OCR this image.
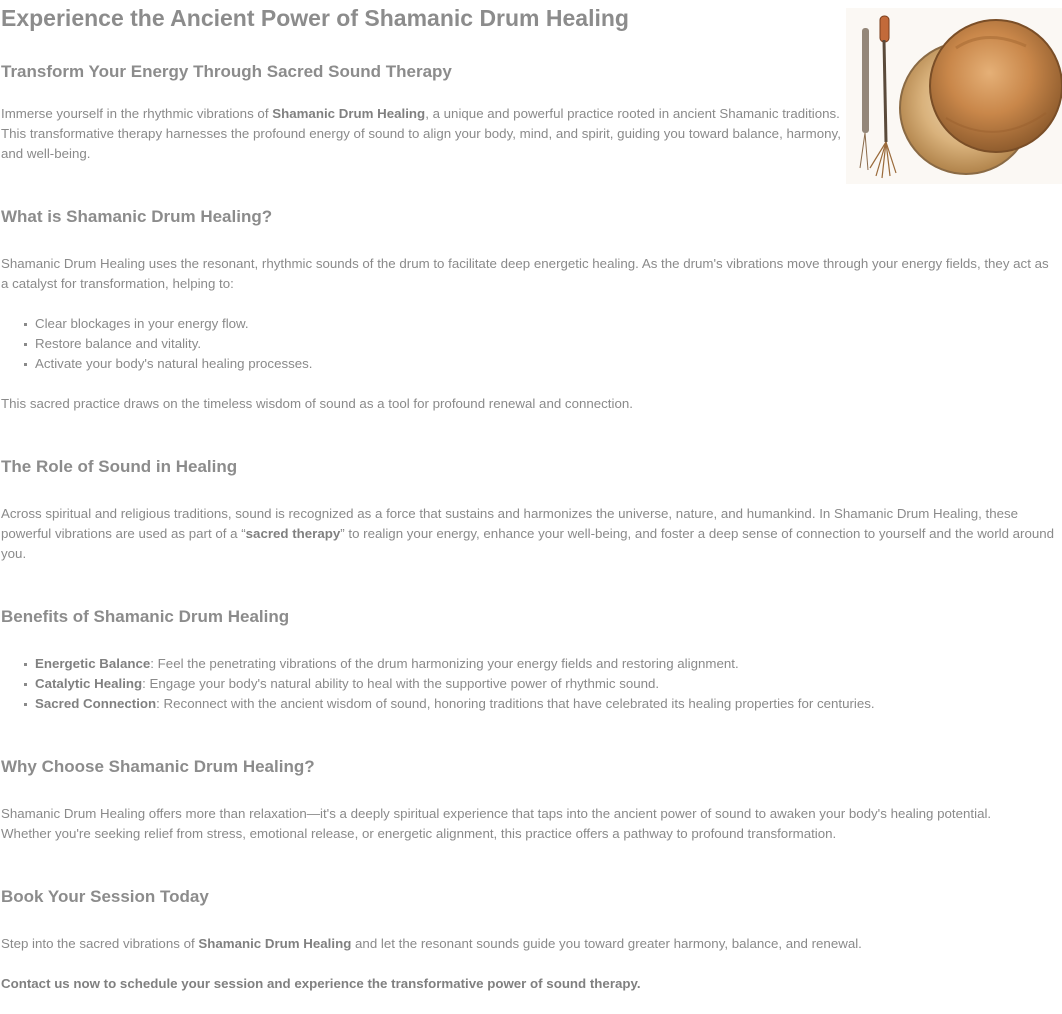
Experience the Ancient Power of Shamanic Drum Healing
Transform Your Energy Through Sacred Sound Therapy

Immerse yourself in the rhythmic vibrations of Shamanic Drum Healing, a unique and powerful practice rooted in ancient Shamanic traditions. This transformative therapy harnesses the profound energy of sound to align your body, mind, and spirit, guiding you toward balance, harmony, and well-being.

What is Shamanic Drum Healing?

Shamanic Drum Healing uses the resonant, rhythmic sounds of the drum to facilitate deep energetic healing. As the drum's vibrations move through your energy fields, they act as a catalyst for transformation, helping to:

Clear blockages in your energy flow.
Restore balance and vitality.
Activate your body's natural healing processes.

This sacred practice draws on the timeless wisdom of sound as a tool for profound renewal and connection.

The Role of Sound in Healing

Across spiritual and religious traditions, sound is recognized as a force that sustains and harmonizes the universe, nature, and humankind. In Shamanic Drum Healing, these powerful vibrations are used as part of a “sacred therapy” to realign your energy, enhance your well-being, and foster a deep sense of connection to yourself and the world around you.

Benefits of Shamanic Drum Healing
Energetic Balance: Feel the penetrating vibrations of the drum harmonizing your energy fields and restoring alignment.
Catalytic Healing: Engage your body's natural ability to heal with the supportive power of rhythmic sound.
Sacred Connection: Reconnect with the ancient wisdom of sound, honoring traditions that have celebrated its healing properties for centuries.
Why Choose Shamanic Drum Healing?

Shamanic Drum Healing offers more than relaxation—it's a deeply spiritual experience that taps into the ancient power of sound to awaken your body's healing potential. Whether you're seeking relief from stress, emotional release, or energetic alignment, this practice offers a pathway to profound transformation.

Book Your Session Today

Step into the sacred vibrations of Shamanic Drum Healing and let the resonant sounds guide you toward greater harmony, balance, and renewal.

Contact us now to schedule your session and experience the transformative power of sound therapy.
